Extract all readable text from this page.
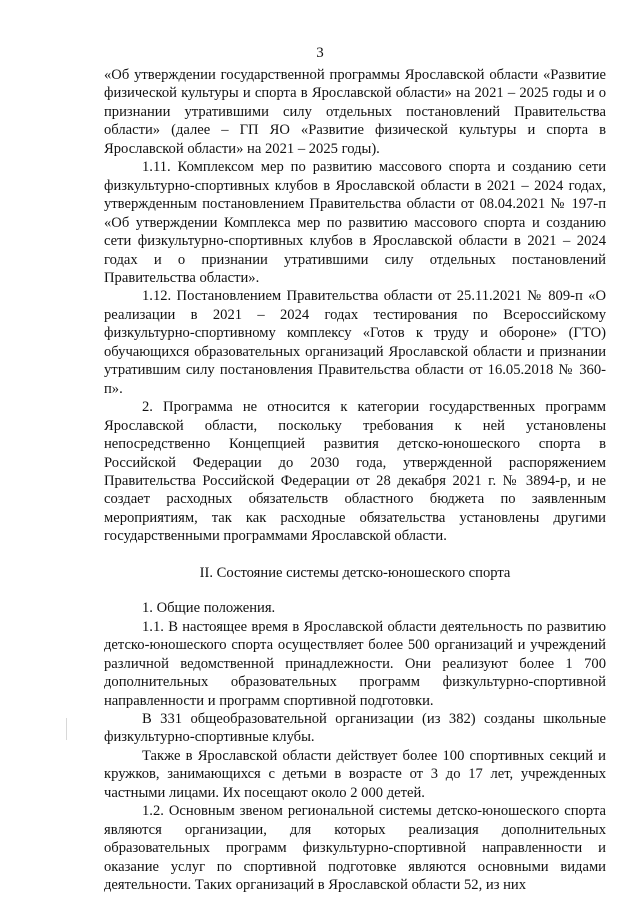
3

«Об утверждении государственной программы Ярославской области «Развитие физической культуры и спорта в Ярославской области» на 2021 – 2025 годы и о признании утратившими силу отдельных постановлений Правительства области» (далее – ГП ЯО «Развитие физической культуры и спорта в Ярославской области» на 2021 – 2025 годы).

1.11. Комплексом мер по развитию массового спорта и созданию сети физкультурно-спортивных клубов в Ярославской области в 2021 – 2024 годах, утвержденным постановлением Правительства области от 08.04.2021 № 197-п «Об утверждении Комплекса мер по развитию массового спорта и созданию сети физкультурно-спортивных клубов в Ярославской области в 2021 – 2024 годах и о признании утратившими силу отдельных постановлений Правительства области».

1.12. Постановлением Правительства области от 25.11.2021 № 809-п «О реализации в 2021 – 2024 годах тестирования по Всероссийскому физкультурно-спортивному комплексу «Готов к труду и обороне» (ГТО) обучающихся образовательных организаций Ярославской области и признании утратившим силу постановления Правительства области от 16.05.2018 № 360-п».

2. Программа не относится к категории государственных программ Ярославской области, поскольку требования к ней установлены непосредственно Концепцией развития детско-юношеского спорта в Российской Федерации до 2030 года, утвержденной распоряжением Правительства Российской Федерации от 28 декабря 2021 г. № 3894-р, и не создает расходных обязательств областного бюджета по заявленным мероприятиям, так как расходные обязательства установлены другими государственными программами Ярославской области.

II. Состояние системы детско-юношеского спорта

1. Общие положения.

1.1. В настоящее время в Ярославской области деятельность по развитию детско-юношеского спорта осуществляет более 500 организаций и учреждений различной ведомственной принадлежности. Они реализуют более 1 700 дополнительных образовательных программ физкультурно-спортивной направленности и программ спортивной подготовки.

В 331 общеобразовательной организации (из 382) созданы школьные физкультурно-спортивные клубы.

Также в Ярославской области действует более 100 спортивных секций и кружков, занимающихся с детьми в возрасте от 3 до 17 лет, учрежденных частными лицами. Их посещают около 2 000 детей.

1.2. Основным звеном региональной системы детско-юношеского спорта являются организации, для которых реализация дополнительных образовательных программ физкультурно-спортивной направленности и оказание услуг по спортивной подготовке являются основными видами деятельности. Таких организаций в Ярославской области 52, из них
